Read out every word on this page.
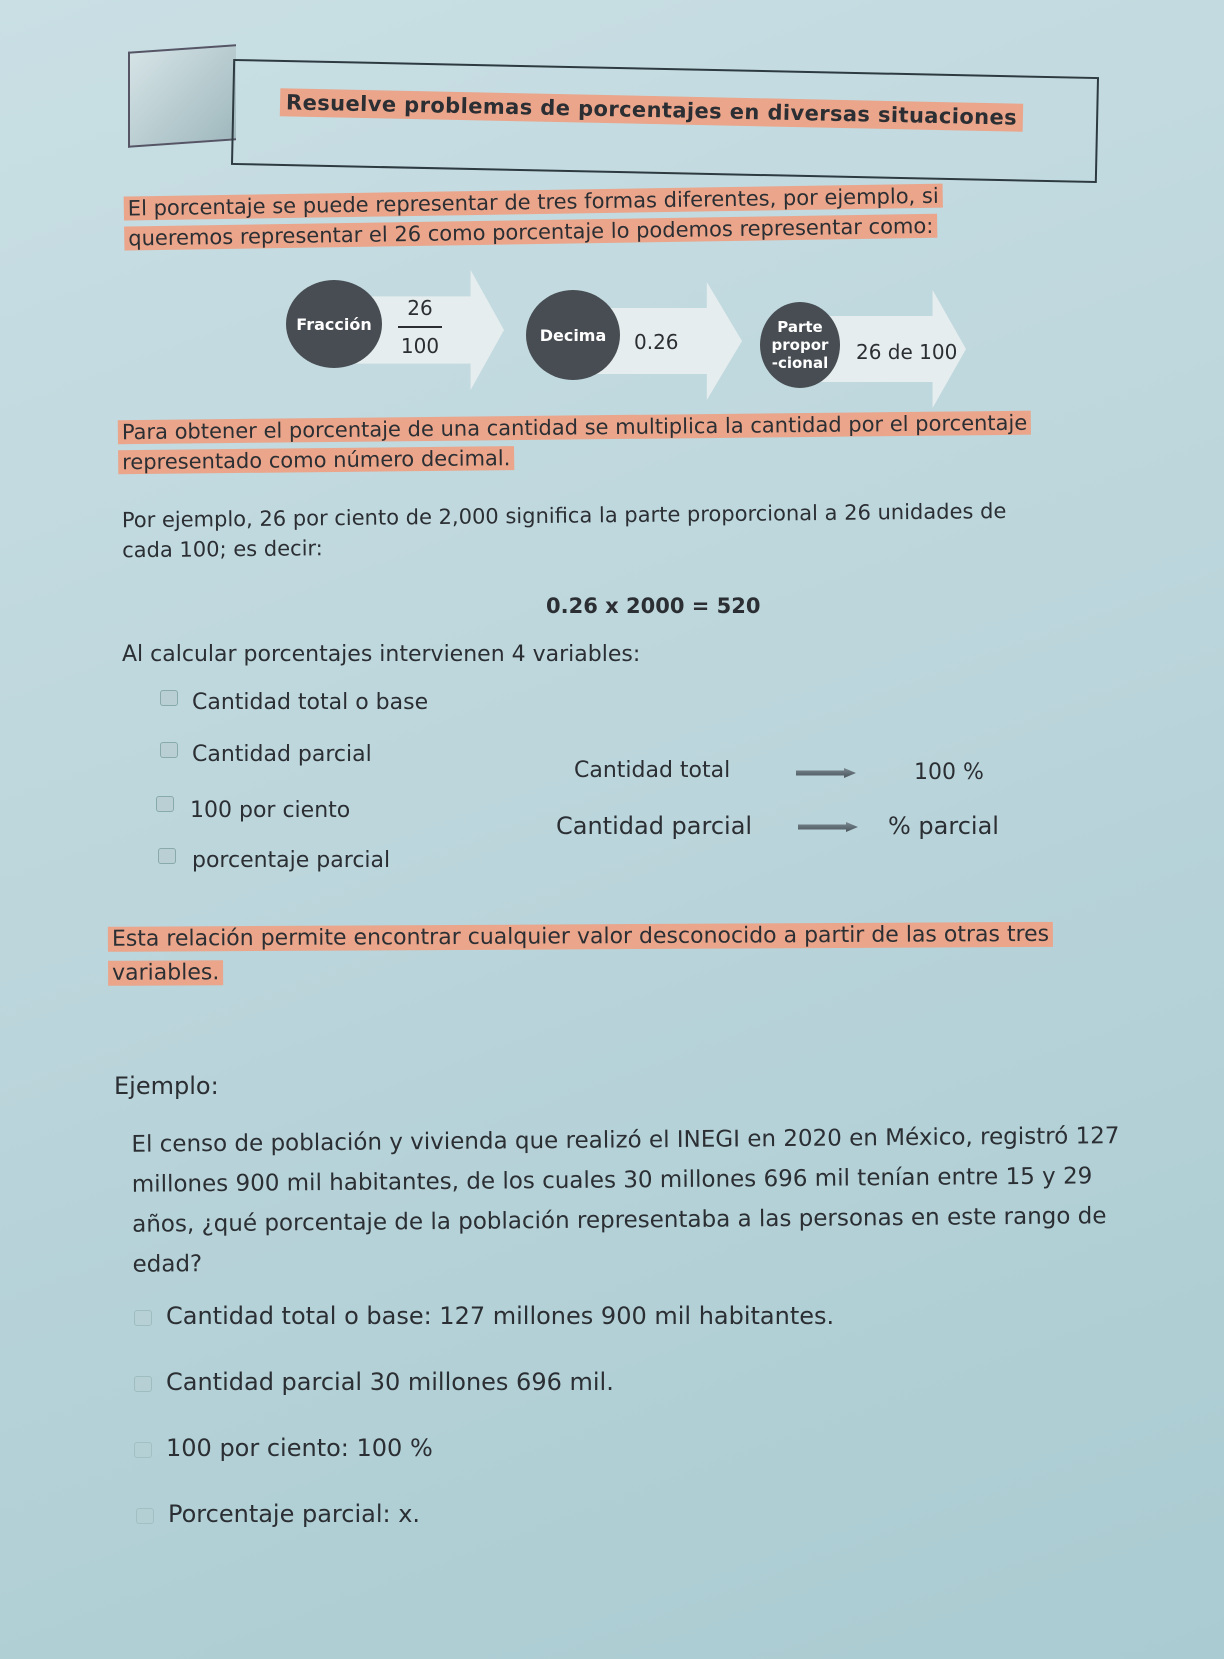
Resuelve problemas de porcentajes en diversas situaciones
El porcentaje se puede representar de tres formas diferentes, por ejemplo, si
queremos representar el 26 como porcentaje lo podemos representar como:
Fracción
26
100	Decima 0.26
Parte
propor
-cional 26 de 100
Para obtener el porcentaje de una cantidad se multiplica la cantidad por el porcentaje
representado como número decimal.
Por ejemplo, 26 por ciento de 2,000 significa la parte proporcional a 26 unidades de
cada 100; es decir:
0.26 x 2000 = 520
Al calcular porcentajes intervienen 4 variables:
Cantidad total o base
Cantidad parcial
100 por ciento
porcentaje parcial
Cantidad total	100 %
Cantidad parcial	% parcial
Esta relación permite encontrar cualquier valor desconocido a partir de las otras tres
variables.
Ejemplo:
El censo de población y vivienda que realizó el INEGI en 2020 en México, registró 127
millones 900 mil habitantes, de los cuales 30 millones 696 mil tenían entre 15 y 29
años, ¿qué porcentaje de la población representaba a las personas en este rango de
edad?
Cantidad total o base: 127 millones 900 mil habitantes.
Cantidad parcial 30 millones 696 mil.
100 por ciento: 100 %
Porcentaje parcial: x.
